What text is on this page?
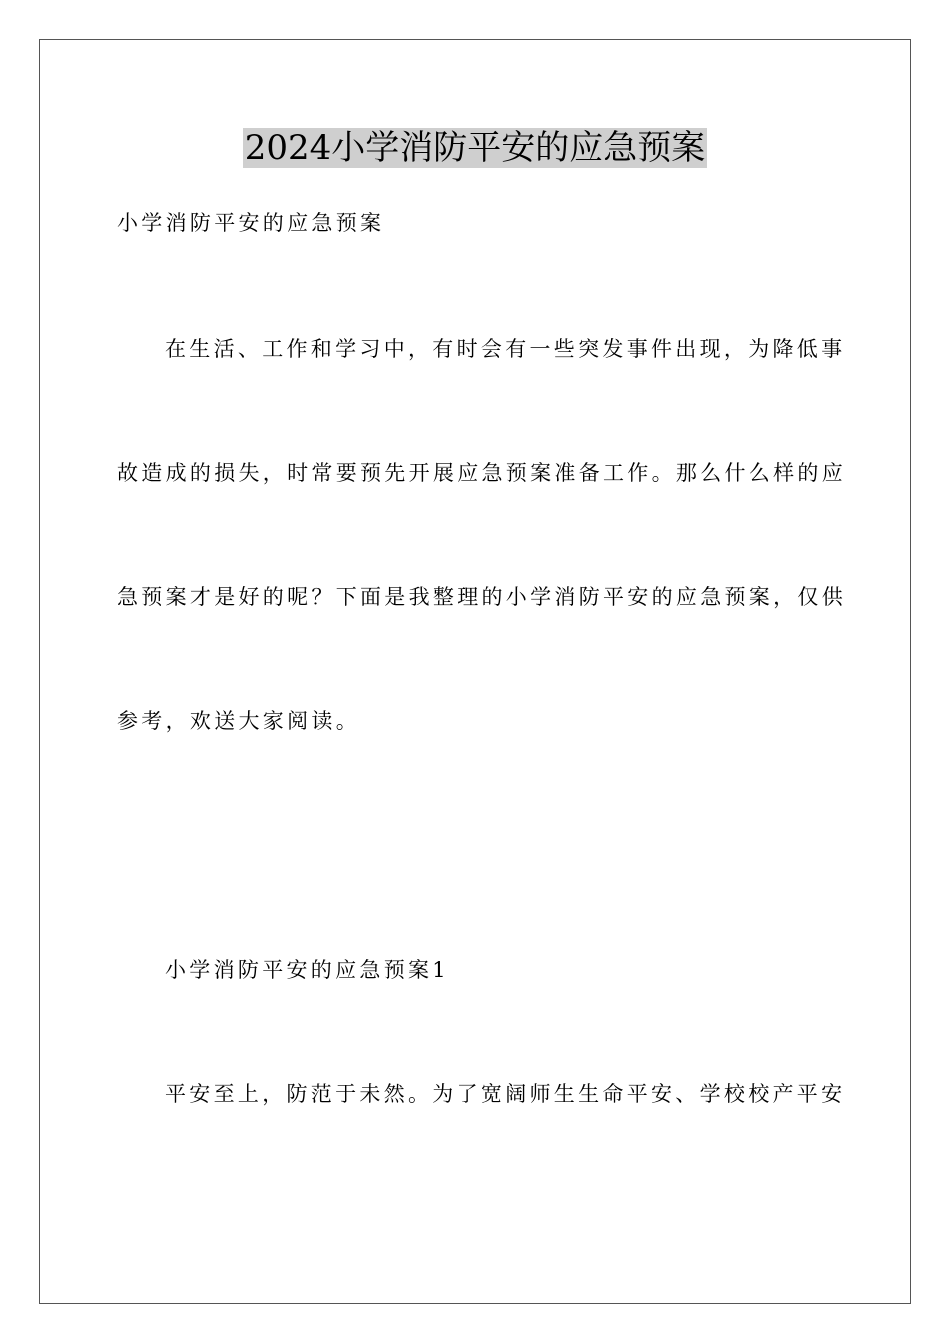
2024小学消防平安的应急预案
小学消防平安的应急预案
在生活、工作和学习中，有时会有一些突发事件出现，为降低事
故造成的损失，时常要预先开展应急预案准备工作。那么什么样的应
急预案才是好的呢？下面是我整理的小学消防平安的应急预案，仅供
参考，欢送大家阅读。
小学消防平安的应急预案1
平安至上，防范于未然。为了宽阔师生生命平安、学校校产平安
